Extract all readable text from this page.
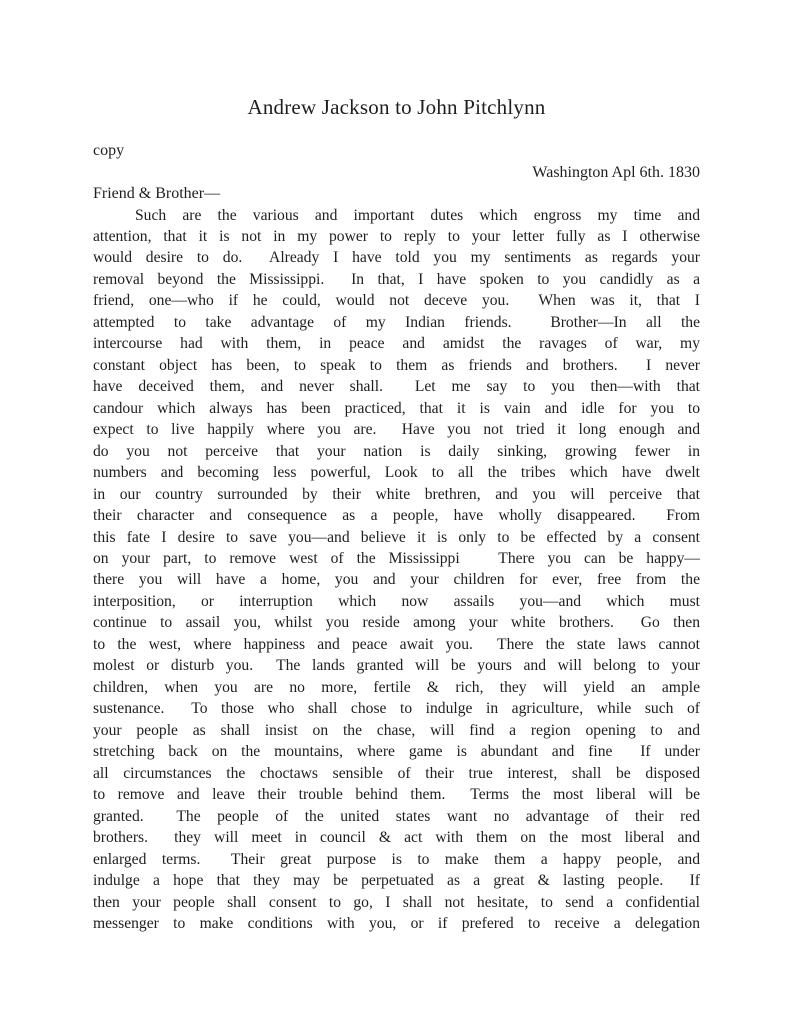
Andrew Jackson to John Pitchlynn
copy
Washington Apl 6th. 1830
Friend & Brother—
Such are the various and important dutes which engross my time and
attention, that it is not in my power to reply to your letter fully as I otherwise
would desire to do.  Already I have told you my sentiments as regards your
removal beyond the Mississippi.  In that, I have spoken to you candidly as a
friend, one—who if he could, would not deceve you.  When was it, that I
attempted to take advantage of my Indian friends.  Brother—In all the
intercourse had with them, in peace and amidst the ravages of war, my
constant object has been, to speak to them as friends and brothers.  I never
have deceived them, and never shall.  Let me say to you then—with that
candour which always has been practiced, that it is vain and idle for you to
expect to live happily where you are.  Have you not tried it long enough and
do you not perceive that your nation is daily sinking, growing fewer in
numbers and becoming less powerful, Look to all the tribes which have dwelt
in our country surrounded by their white brethren, and you will perceive that
their character and consequence as a people, have wholly disappeared.  From
this fate I desire to save you—and believe it is only to be effected by a consent
on your part, to remove west of the Mississippi   There you can be happy—
there you will have a home, you and your children for ever, free from the
interposition, or interruption which now assails you—and which must
continue to assail you, whilst you reside among your white brothers.  Go then
to the west, where happiness and peace await you.  There the state laws cannot
molest or disturb you.  The lands granted will be yours and will belong to your
children, when you are no more, fertile & rich, they will yield an ample
sustenance.  To those who shall chose to indulge in agriculture, while such of
your people as shall insist on the chase, will find a region opening to and
stretching back on the mountains, where game is abundant and fine  If under
all circumstances the choctaws sensible of their true interest, shall be disposed
to remove and leave their trouble behind them.  Terms the most liberal will be
granted.  The people of the united states want no advantage of their red
brothers.  they will meet in council & act with them on the most liberal and
enlarged terms.  Their great purpose is to make them a happy people, and
indulge a hope that they may be perpetuated as a great & lasting people.  If
then your people shall consent to go, I shall not hesitate, to send a confidential
messenger to make conditions with you, or if prefered to receive a delegation
